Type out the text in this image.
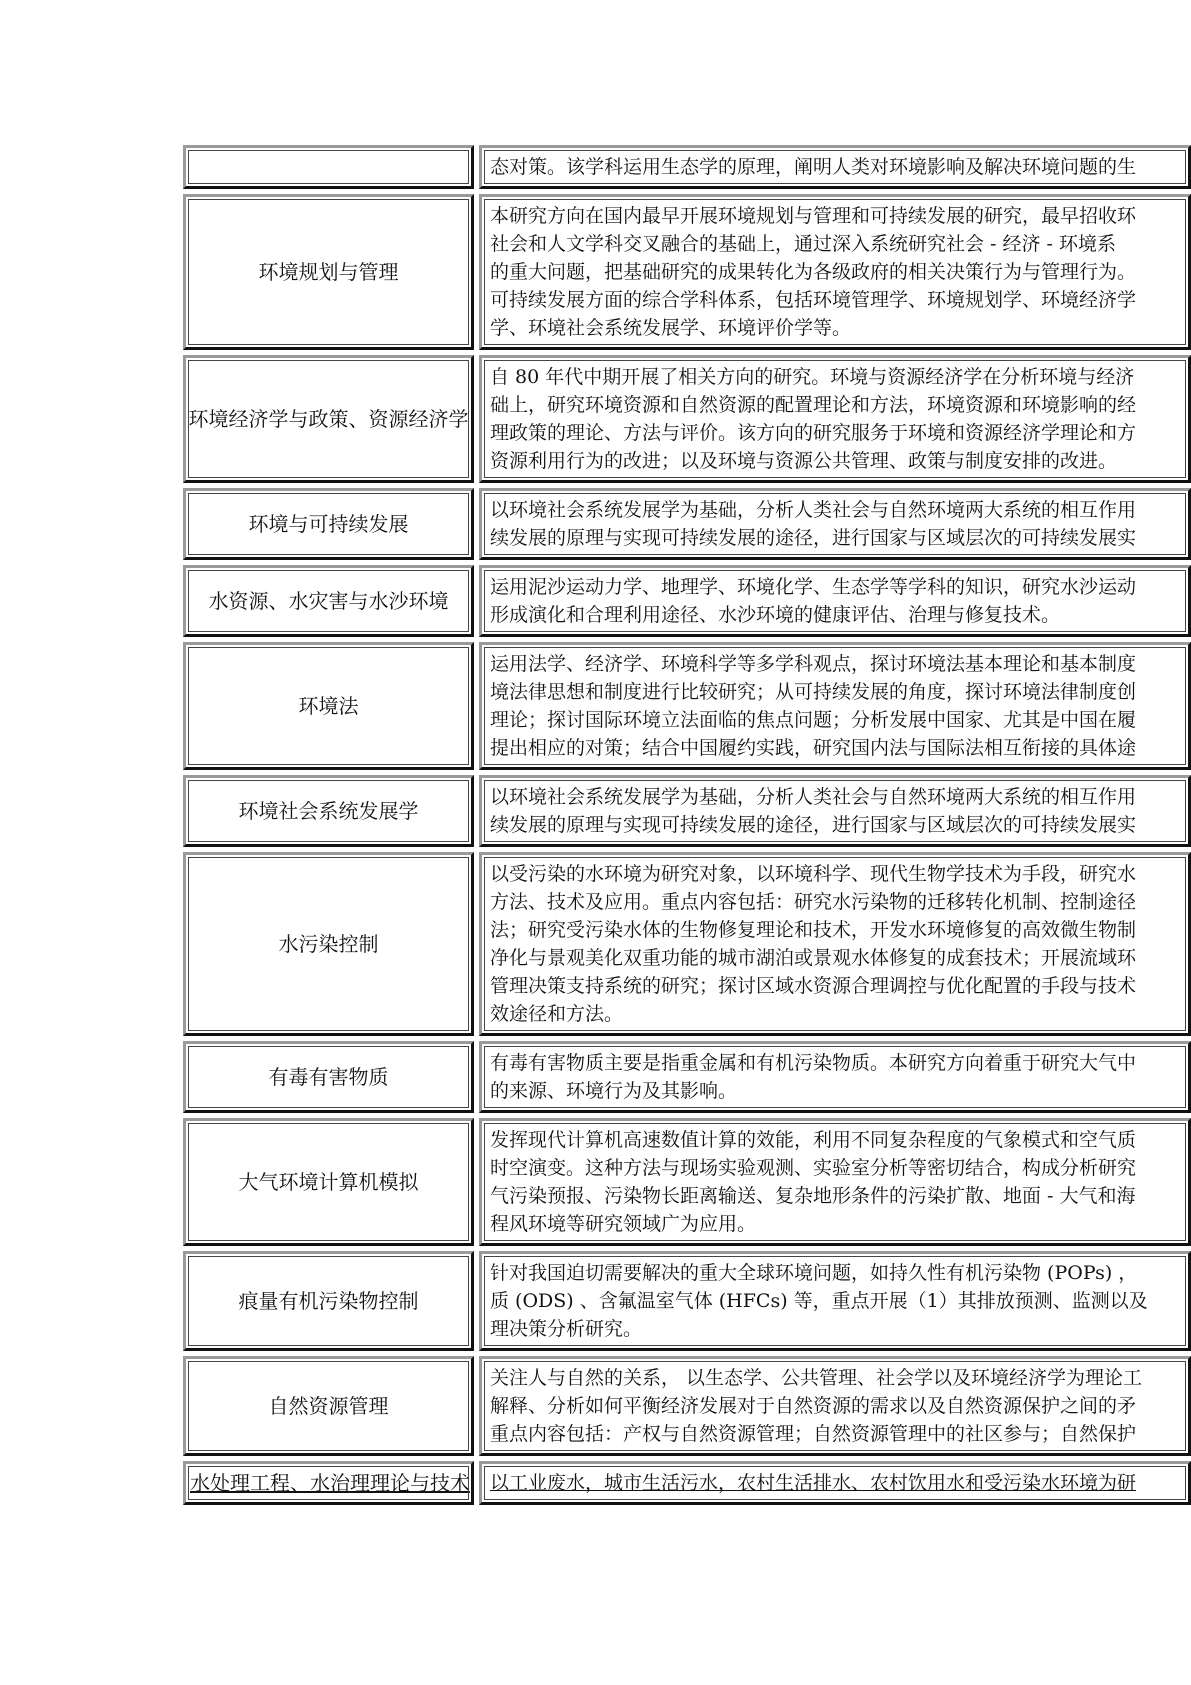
态对策。该学科运用生态学的原理，阐明人类对环境影响及解决环境问题的生
环境规划与管理
本研究方向在国内最早开展环境规划与管理和可持续发展的研究，最早招收环
社会和人文学科交叉融合的基础上，通过深入系统研究社会 - 经济 - 环境系
的重大问题，把基础研究的成果转化为各级政府的相关决策行为与管理行为。
可持续发展方面的综合学科体系，包括环境管理学、环境规划学、环境经济学
学、环境社会系统发展学、环境评价学等。
环境经济学与政策、资源经济学
自 80 年代中期开展了相关方向的研究。环境与资源经济学在分析环境与经济
础上，研究环境资源和自然资源的配置理论和方法，环境资源和环境影响的经
理政策的理论、方法与评价。该方向的研究服务于环境和资源经济学理论和方
资源利用行为的改进；以及环境与资源公共管理、政策与制度安排的改进。
环境与可持续发展
以环境社会系统发展学为基础，分析人类社会与自然环境两大系统的相互作用
续发展的原理与实现可持续发展的途径，进行国家与区域层次的可持续发展实
水资源、水灾害与水沙环境
运用泥沙运动力学、地理学、环境化学、生态学等学科的知识，研究水沙运动
形成演化和合理利用途径、水沙环境的健康评估、治理与修复技术。
环境法
运用法学、经济学、环境科学等多学科观点，探讨环境法基本理论和基本制度
境法律思想和制度进行比较研究；从可持续发展的角度，探讨环境法律制度创
理论；探讨国际环境立法面临的焦点问题；分析发展中国家、尤其是中国在履
提出相应的对策；结合中国履约实践，研究国内法与国际法相互衔接的具体途
环境社会系统发展学
以环境社会系统发展学为基础，分析人类社会与自然环境两大系统的相互作用
续发展的原理与实现可持续发展的途径，进行国家与区域层次的可持续发展实
水污染控制
以受污染的水环境为研究对象，以环境科学、现代生物学技术为手段，研究水
方法、技术及应用。重点内容包括：研究水污染物的迁移转化机制、控制途径
法；研究受污染水体的生物修复理论和技术，开发水环境修复的高效微生物制
净化与景观美化双重功能的城市湖泊或景观水体修复的成套技术；开展流域环
管理决策支持系统的研究；探讨区域水资源合理调控与优化配置的手段与技术
效途径和方法。
有毒有害物质
有毒有害物质主要是指重金属和有机污染物质。本研究方向着重于研究大气中
的来源、环境行为及其影响。
大气环境计算机模拟
发挥现代计算机高速数值计算的效能，利用不同复杂程度的气象模式和空气质
时空演变。这种方法与现场实验观测、实验室分析等密切结合，构成分析研究
气污染预报、污染物长距离输送、复杂地形条件的污染扩散、地面 - 大气和海
程风环境等研究领域广为应用。
痕量有机污染物控制
针对我国迫切需要解决的重大全球环境问题，如持久性有机污染物 (POPs) ，
质 (ODS) 、含氟温室气体 (HFCs) 等，重点开展（1）其排放预测、监测以及
理决策分析研究。
自然资源管理
关注人与自然的关系， 以生态学、公共管理、社会学以及环境经济学为理论工
解释、分析如何平衡经济发展对于自然资源的需求以及自然资源保护之间的矛
重点内容包括：产权与自然资源管理；自然资源管理中的社区参与；自然保护
水处理工程、水治理理论与技术 以工业废水，城市生活污水，农村生活排水、农村饮用水和受污染水环境为研
